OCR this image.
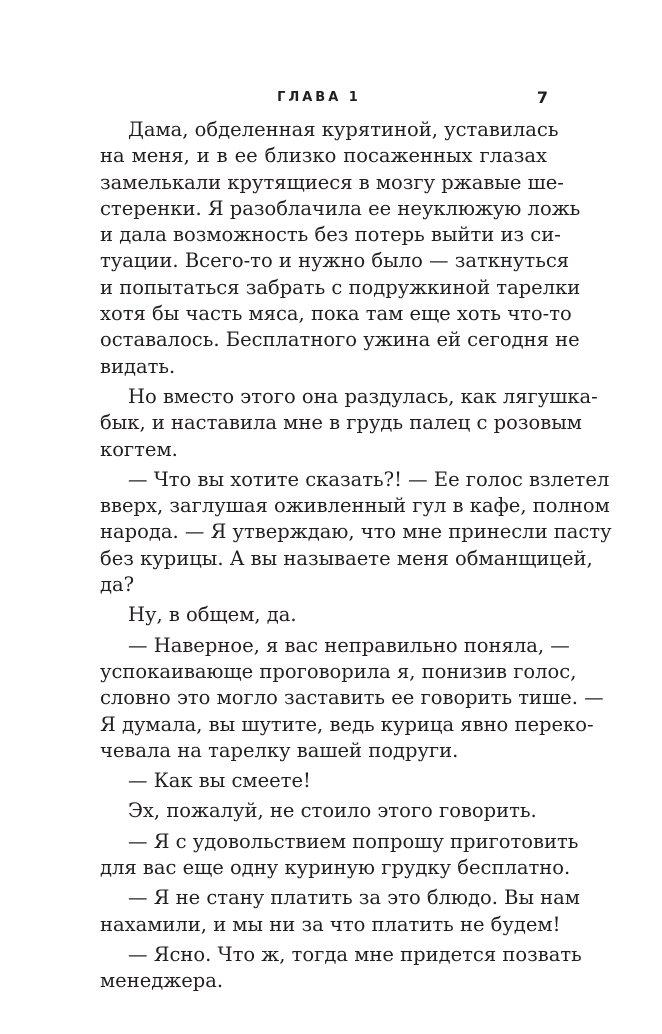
ГЛАВА 1	7
Дама, обделенная курятиной, уставилась
на меня, и в ее близко посаженных глазах
замелькали крутящиеся в мозгу ржавые ше-
стеренки. Я разоблачила ее неуклюжую ложь
и дала возможность без потерь выйти из си-
туации. Всего-то и нужно было — заткнуться
и попытаться забрать с подружкиной тарелки
хотя бы часть мяса, пока там еще хоть что-то
оставалось. Бесплатного ужина ей сегодня не
видать.
Но вместо этого она раздулась, как лягушка-
бык, и наставила мне в грудь палец с розовым
когтем.
— Что вы хотите сказать?! — Ее голос взлетел
вверх, заглушая оживленный гул в кафе, полном
народа. — Я утверждаю, что мне принесли пасту
без курицы. А вы называете меня обманщицей,
да?
Ну, в общем, да.
— Наверное, я вас неправильно поняла, —
успокаивающе проговорила я, понизив голос,
словно это могло заставить ее говорить тише. —
Я думала, вы шутите, ведь курица явно переко-
чевала на тарелку вашей подруги.
— Как вы смеете!
Эх, пожалуй, не стоило этого говорить.
— Я с удовольствием попрошу приготовить
для вас еще одну куриную грудку бесплатно.
— Я не стану платить за это блюдо. Вы нам
нахамили, и мы ни за что платить не будем!
— Ясно. Что ж, тогда мне придется позвать
менеджера.
